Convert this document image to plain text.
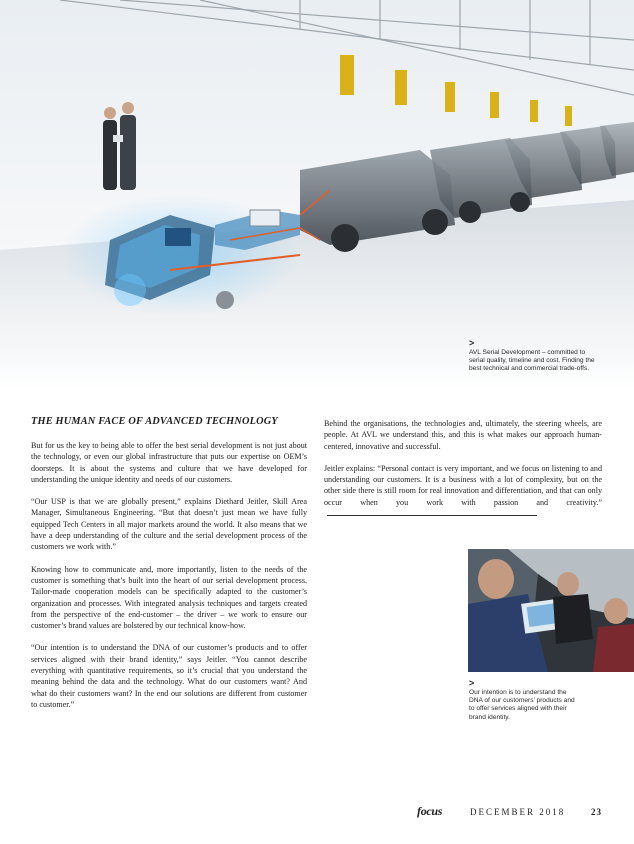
>
AVL Serial Development – committed to serial quality, timeline and cost. Finding the best technical and commercial trade-offs.
THE HUMAN FACE OF ADVANCED TECHNOLOGY

But for us the key to being able to offer the best serial development is not just about the technology, or even our global infrastructure that puts our expertise on OEM’s doorsteps. It is about the systems and culture that we have developed for understanding the unique identity and needs of our customers.

“Our USP is that we are globally present,” explains Diethard Jeitler, Skill Area Manager, Simultaneous Engineering. “But that doesn’t just mean we have fully equipped Tech Centers in all major markets around the world. It also means that we have a deep understanding of the culture and the serial development process of the customers we work with.”

Knowing how to communicate and, more importantly, listen to the needs of the customer is something that’s built into the heart of our serial development process. Tailor-made cooperation models can be specifically adapted to the customer’s organization and processes. With integrated analysis techniques and targets created from the perspective of the end-customer – the driver – we work to ensure our customer’s brand values are bolstered by our technical know-how.

“Our intention is to understand the DNA of our customer’s products and to offer services aligned with their brand identity,” says Jeitler. “You cannot describe everything with quantitative requirements, so it’s crucial that you understand the meaning behind the data and the technology. What do our customers want? And what do their customers want? In the end our solutions are different from customer to customer.”

Behind the organisations, the technologies and, ultimately, the steering wheels, are people. At AVL we understand this, and this is what makes our approach human-centered, innovative and successful.

Jeitler explains: “Personal contact is very important, and we focus on listening to and understanding our customers. It is a business with a lot of complexity, but on the other side there is still room for real innovation and differentiation, and that can only occur when you work with passion and creativity.”

>
Our intention is to understand the DNA of our customers’ products and to offer services aligned with their brand identity.
focus	DECEMBER 2018	23
